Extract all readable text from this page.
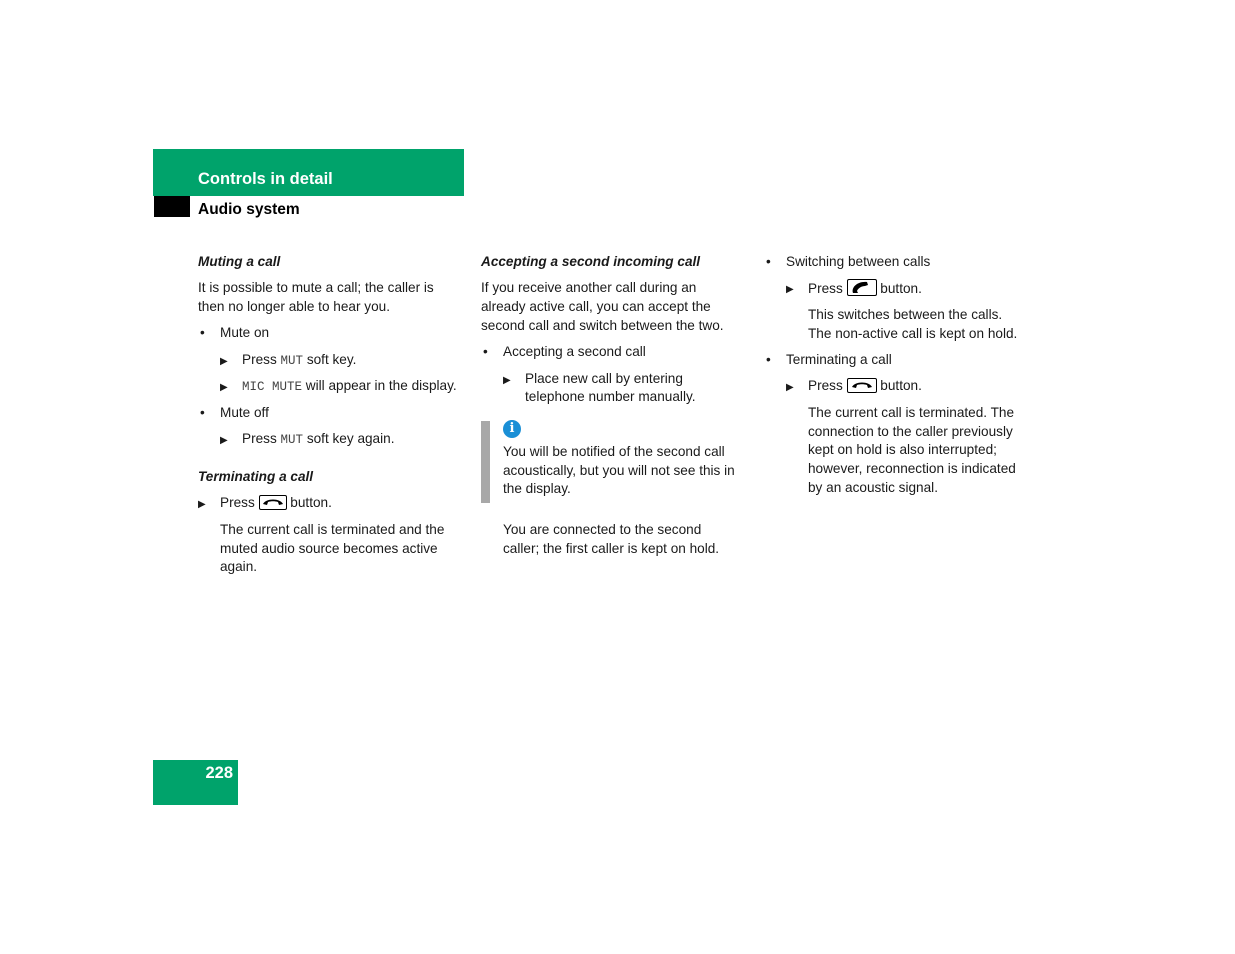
Controls in detail
Audio system
Muting a call
It is possible to mute a call; the caller is
then no longer able to hear you.
• Mute on
▶ Press MUT soft key.
▶ MIC MUTE will appear in the display.
• Mute off
▶ Press MUT soft key again.
Terminating a call
▶ Press
button.
The current call is terminated and the
muted audio source becomes active
again.
Accepting a second incoming call
If you receive another call during an
already active call, you can accept the
second call and switch between the two.
• Accepting a second call
▶ Place new call by entering
telephone number manually.
You will be notified of the second call
acoustically, but you will not see this in
the display.
You are connected to the second
caller; the first caller is kept on hold.
i
• Switching between calls
▶ Press
button.
This switches between the calls.
The non-active call is kept on hold.
• Terminating a call
▶ Press
button.
The current call is terminated. The
connection to the caller previously
kept on hold is also interrupted;
however, reconnection is indicated
by an acoustic signal.
228
